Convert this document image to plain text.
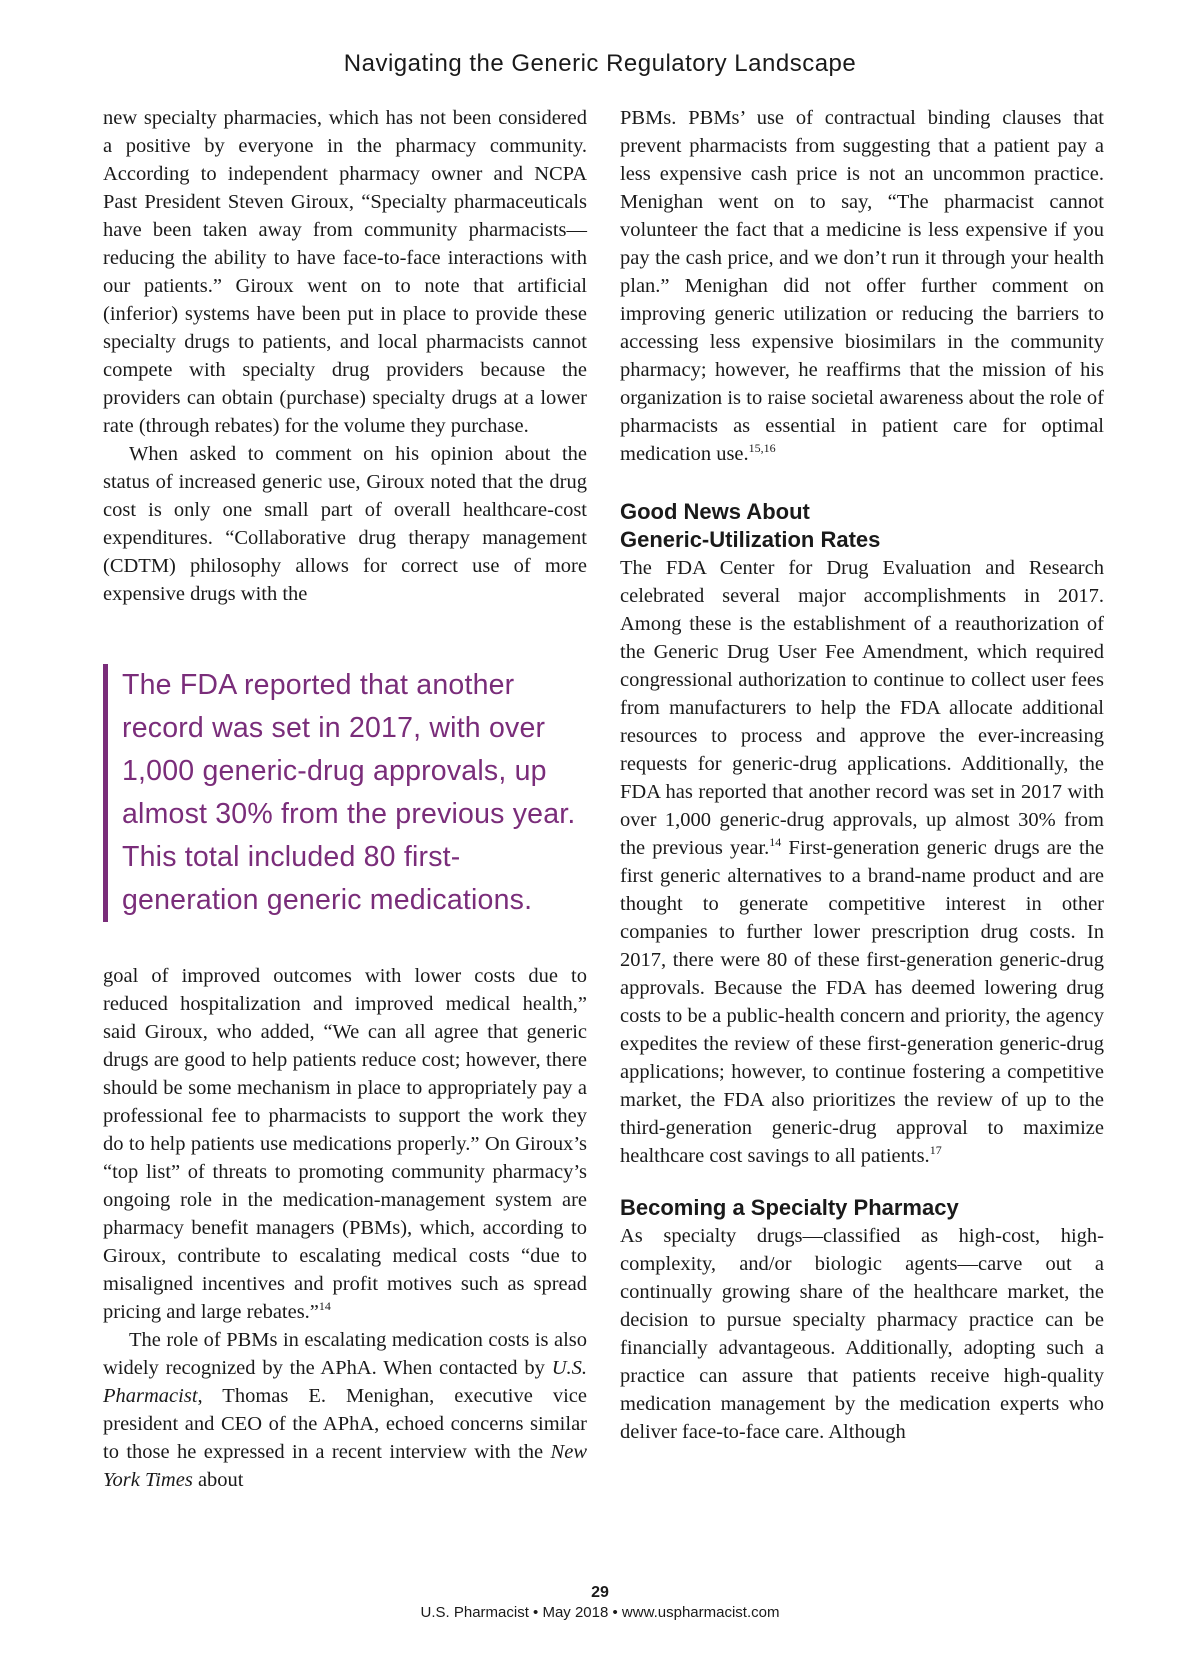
Navigating the Generic Regulatory Landscape

new specialty pharmacies, which has not been considered a positive by everyone in the pharmacy community. According to independent pharmacy owner and NCPA Past President Steven Giroux, “Specialty pharmaceuticals have been taken away from community pharmacists—reducing the ability to have face-to-face interactions with our patients.” Giroux went on to note that artificial (inferior) systems have been put in place to provide these specialty drugs to patients, and local pharmacists cannot compete with specialty drug providers because the providers can obtain (purchase) specialty drugs at a lower rate (through rebates) for the volume they purchase.

When asked to comment on his opinion about the status of increased generic use, Giroux noted that the drug cost is only one small part of overall healthcare-cost expenditures. “Collaborative drug therapy management (CDTM) philosophy allows for correct use of more expensive drugs with the

The FDA reported that another record was set in 2017, with over 1,000 generic-drug approvals, up almost 30% from the previous year. This total included 80 first-generation generic medications.

goal of improved outcomes with lower costs due to reduced hospitalization and improved medical health,” said Giroux, who added, “We can all agree that generic drugs are good to help patients reduce cost; however, there should be some mechanism in place to appropriately pay a professional fee to pharmacists to support the work they do to help patients use medications properly.” On Giroux’s “top list” of threats to promoting community pharmacy’s ongoing role in the medication-management system are pharmacy benefit managers (PBMs), which, according to Giroux, contribute to escalating medical costs “due to misaligned incentives and profit motives such as spread pricing and large rebates.”$^{14}$

The role of PBMs in escalating medication costs is also widely recognized by the APhA. When contacted by U.S. Pharmacist, Thomas E. Menighan, executive vice president and CEO of the APhA, echoed concerns similar to those he expressed in a recent interview with the New York Times about

PBMs. PBMs’ use of contractual binding clauses that prevent pharmacists from suggesting that a patient pay a less expensive cash price is not an uncommon practice. Menighan went on to say, “The pharmacist cannot volunteer the fact that a medicine is less expensive if you pay the cash price, and we don’t run it through your health plan.” Menighan did not offer further comment on improving generic utilization or reducing the barriers to accessing less expensive biosimilars in the community pharmacy; however, he reaffirms that the mission of his organization is to raise societal awareness about the role of pharmacists as essential in patient care for optimal medication use.$^{15,16}$

Good News About
Generic-Utilization Rates

The FDA Center for Drug Evaluation and Research celebrated several major accomplishments in 2017. Among these is the establishment of a reauthorization of the Generic Drug User Fee Amendment, which required congressional authorization to continue to collect user fees from manufacturers to help the FDA allocate additional resources to process and approve the ever-increasing requests for generic-drug applications. Additionally, the FDA has reported that another record was set in 2017 with over 1,000 generic-drug approvals, up almost 30% from the previous year.$^{14}$ First-generation generic drugs are the first generic alternatives to a brand-name product and are thought to generate competitive interest in other companies to further lower prescription drug costs. In 2017, there were 80 of these first-generation generic-drug approvals. Because the FDA has deemed lowering drug costs to be a public-health concern and priority, the agency expedites the review of these first-generation generic-drug applications; however, to continue fostering a competitive market, the FDA also prioritizes the review of up to the third-generation generic-drug approval to maximize healthcare cost savings to all patients.$^{17}$

Becoming a Specialty Pharmacy

As specialty drugs—classified as high-cost, high-complexity, and/or biologic agents—carve out a continually growing share of the healthcare market, the decision to pursue specialty pharmacy practice can be financially advantageous. Additionally, adopting such a practice can assure that patients receive high-quality medication management by the medication experts who deliver face-to-face care. Although

29
U.S. Pharmacist • May 2018 • www.uspharmacist.com
